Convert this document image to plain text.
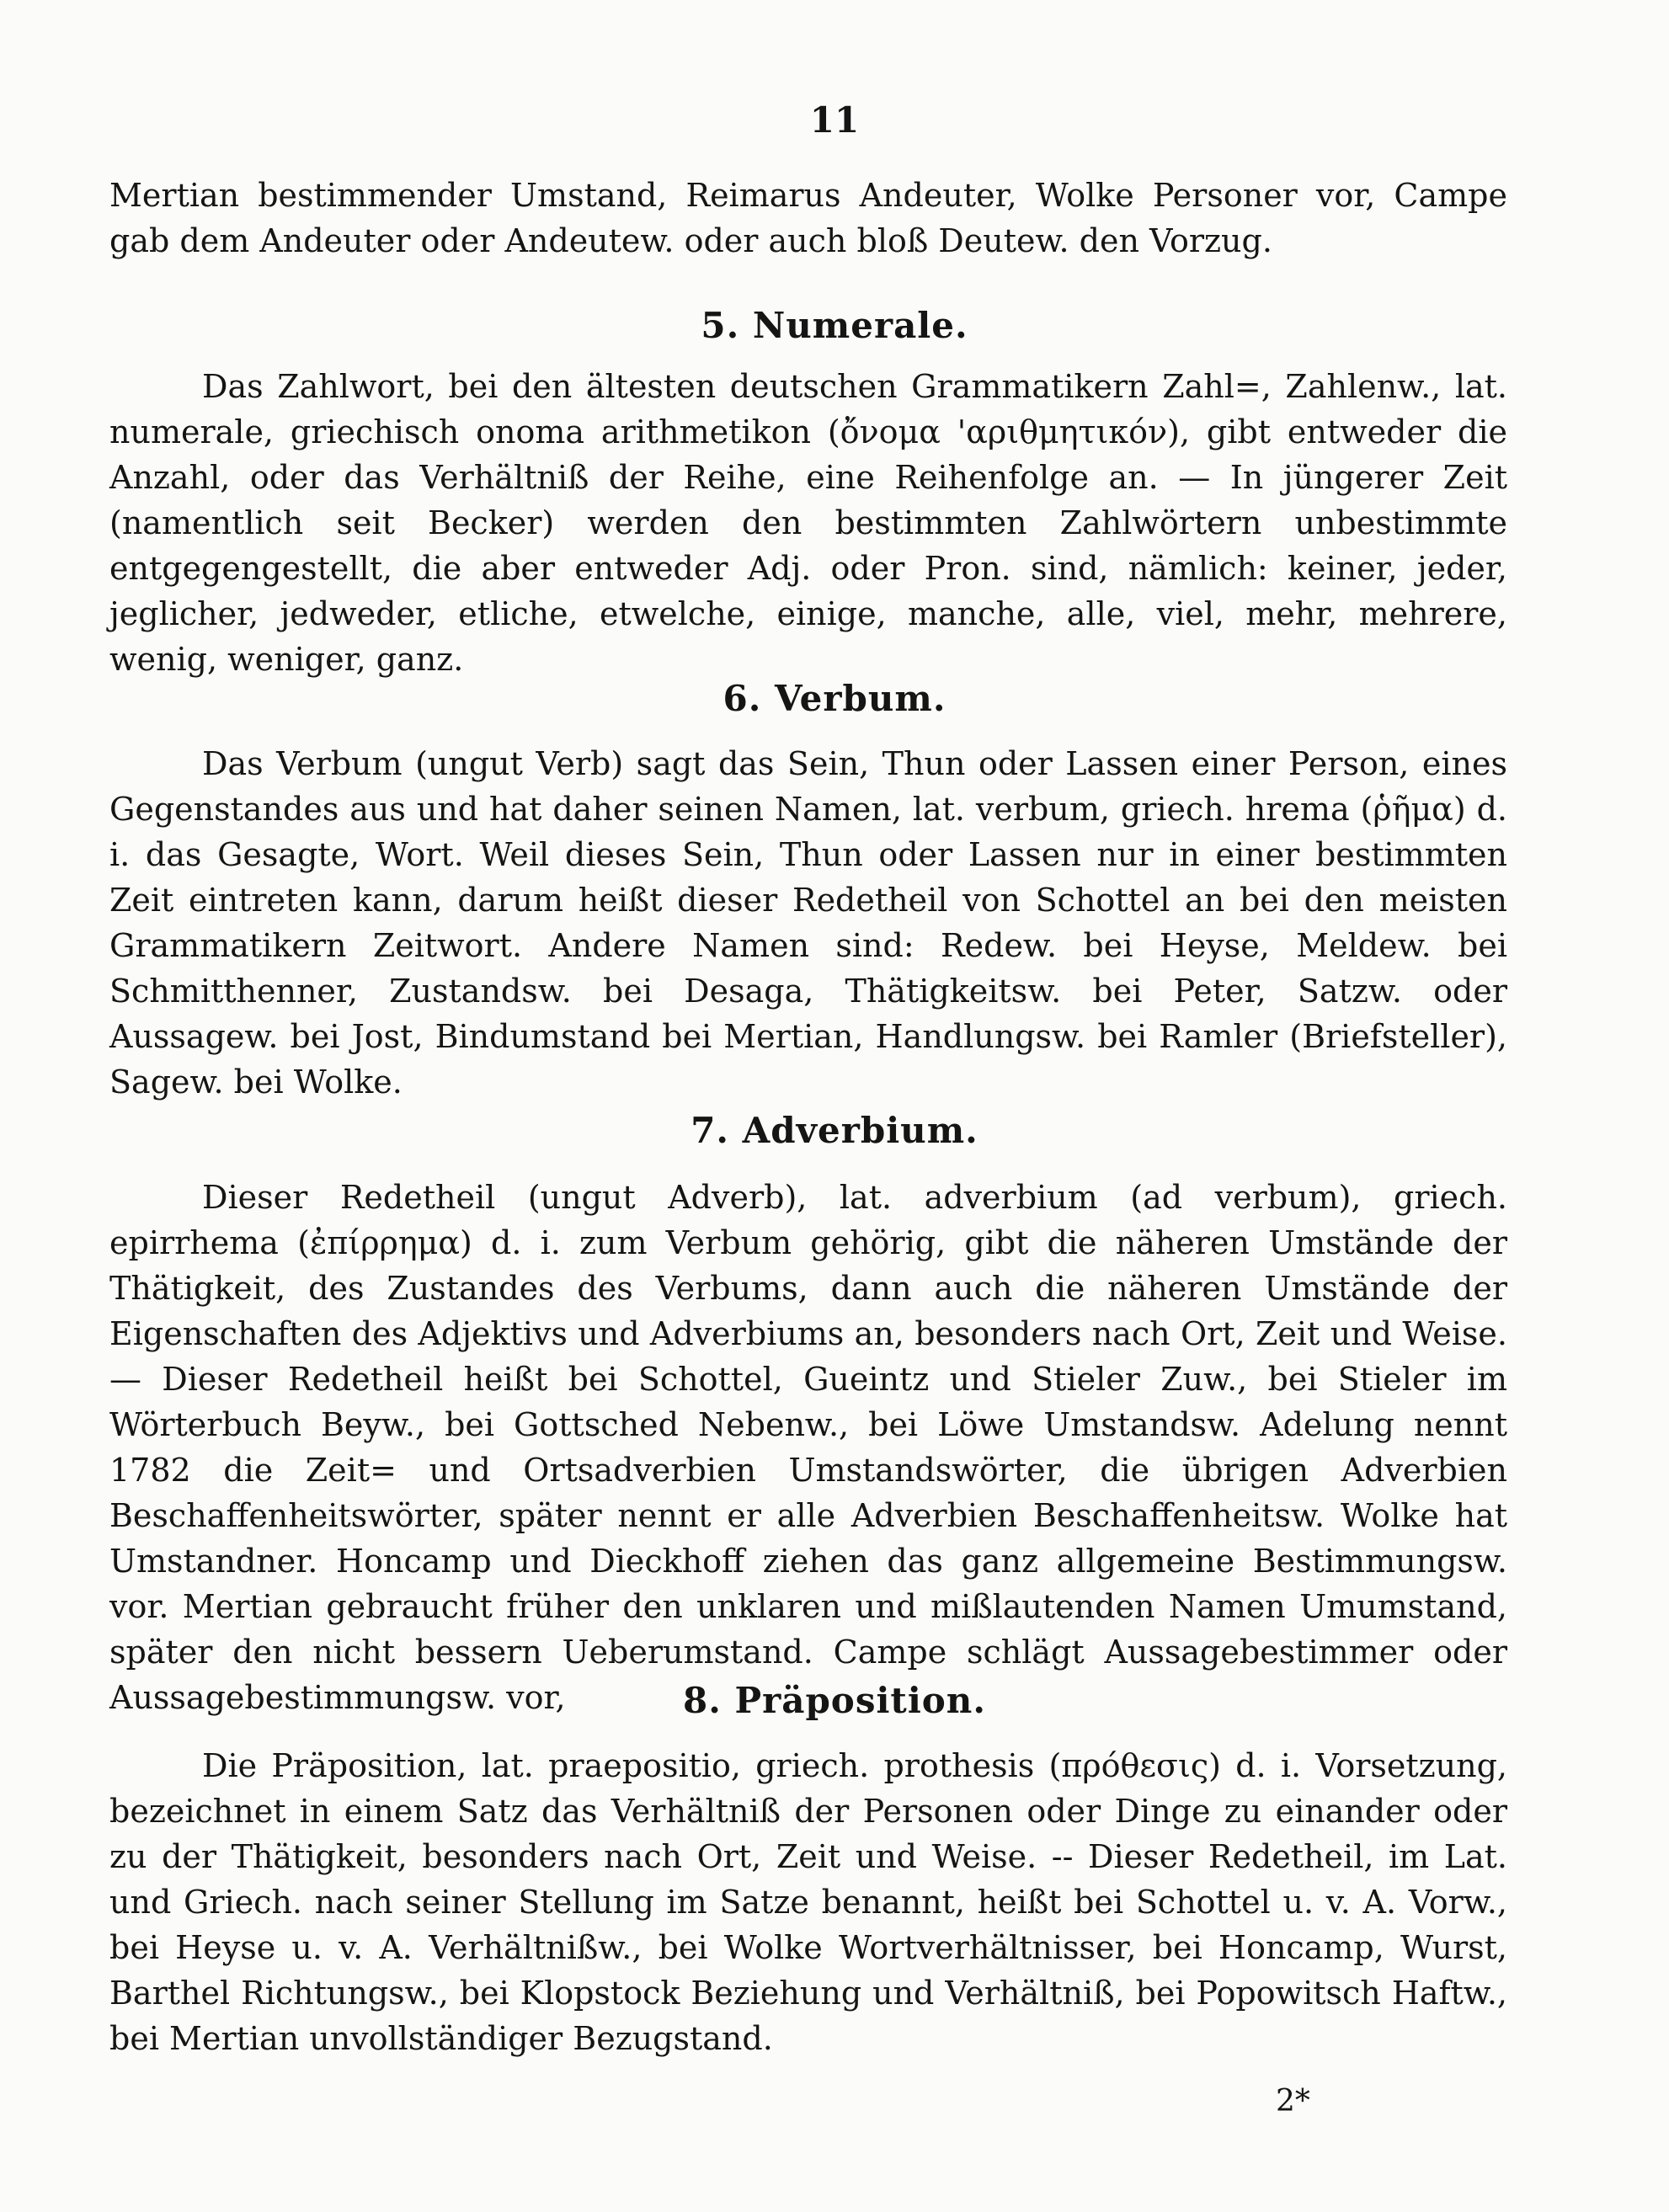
11

Mertian bestimmender Umstand, Reimarus Andeuter, Wolke Personer vor, Campe gab dem Andeuter oder Andeutew. oder auch bloß Deutew. den Vorzug.

5. Numerale.

Das Zahlwort, bei den ältesten deutschen Grammatikern Zahl=, Zahlenw., lat. numerale, griechisch onoma arithmetikon (ὄνομα 'αριθμητικόν), gibt entweder die Anzahl, oder das Verhältniß der Reihe, eine Reihenfolge an. — In jüngerer Zeit (namentlich seit Becker) werden den bestimmten Zahlwörtern unbestimmte entgegengestellt, die aber entweder Adj. oder Pron. sind, nämlich: keiner, jeder, jeglicher, jedweder, etliche, etwelche, einige, manche, alle, viel, mehr, mehrere, wenig, weniger, ganz.

6. Verbum.

Das Verbum (ungut Verb) sagt das Sein, Thun oder Lassen einer Person, eines Gegenstandes aus und hat daher seinen Namen, lat. verbum, griech. hrema (ῥῆμα) d. i. das Gesagte, Wort. Weil dieses Sein, Thun oder Lassen nur in einer bestimmten Zeit eintreten kann, darum heißt dieser Redetheil von Schottel an bei den meisten Grammatikern Zeitwort. Andere Namen sind: Redew. bei Heyse, Meldew. bei Schmitthenner, Zustandsw. bei Desaga, Thätigkeitsw. bei Peter, Satzw. oder Aussagew. bei Jost, Bindumstand bei Mertian, Handlungsw. bei Ramler (Briefsteller), Sagew. bei Wolke.

7. Adverbium.

Dieser Redetheil (ungut Adverb), lat. adverbium (ad verbum), griech. epirrhema (ἐπίρρημα) d. i. zum Verbum gehörig, gibt die näheren Umstände der Thätigkeit, des Zustandes des Verbums, dann auch die näheren Umstände der Eigenschaften des Adjektivs und Adverbiums an, besonders nach Ort, Zeit und Weise. — Dieser Redetheil heißt bei Schottel, Gueintz und Stieler Zuw., bei Stieler im Wörterbuch Beyw., bei Gottsched Nebenw., bei Löwe Umstandsw. Adelung nennt 1782 die Zeit= und Ortsadverbien Umstandswörter, die übrigen Adverbien Beschaffenheitswörter, später nennt er alle Adverbien Beschaffenheitsw. Wolke hat Umstandner. Honcamp und Dieckhoff ziehen das ganz allgemeine Bestimmungsw. vor. Mertian gebraucht früher den unklaren und mißlautenden Namen Umumstand, später den nicht bessern Ueberumstand. Campe schlägt Aussagebestimmer oder Aussagebestimmungsw. vor,	8. Präposition.

Die Präposition, lat. praepositio, griech. prothesis (πρόθεσις) d. i. Vorsetzung, bezeichnet in einem Satz das Verhältniß der Personen oder Dinge zu einander oder zu der Thätigkeit, besonders nach Ort, Zeit und Weise. -- Dieser Redetheil, im Lat. und Griech. nach seiner Stellung im Satze benannt, heißt bei Schottel u. v. A. Vorw., bei Heyse u. v. A. Verhältnißw., bei Wolke Wortverhältnisser, bei Honcamp, Wurst, Barthel Richtungsw., bei Klopstock Beziehung und Verhältniß, bei Popowitsch Haftw., bei Mertian unvollständiger Bezugstand.

2*
